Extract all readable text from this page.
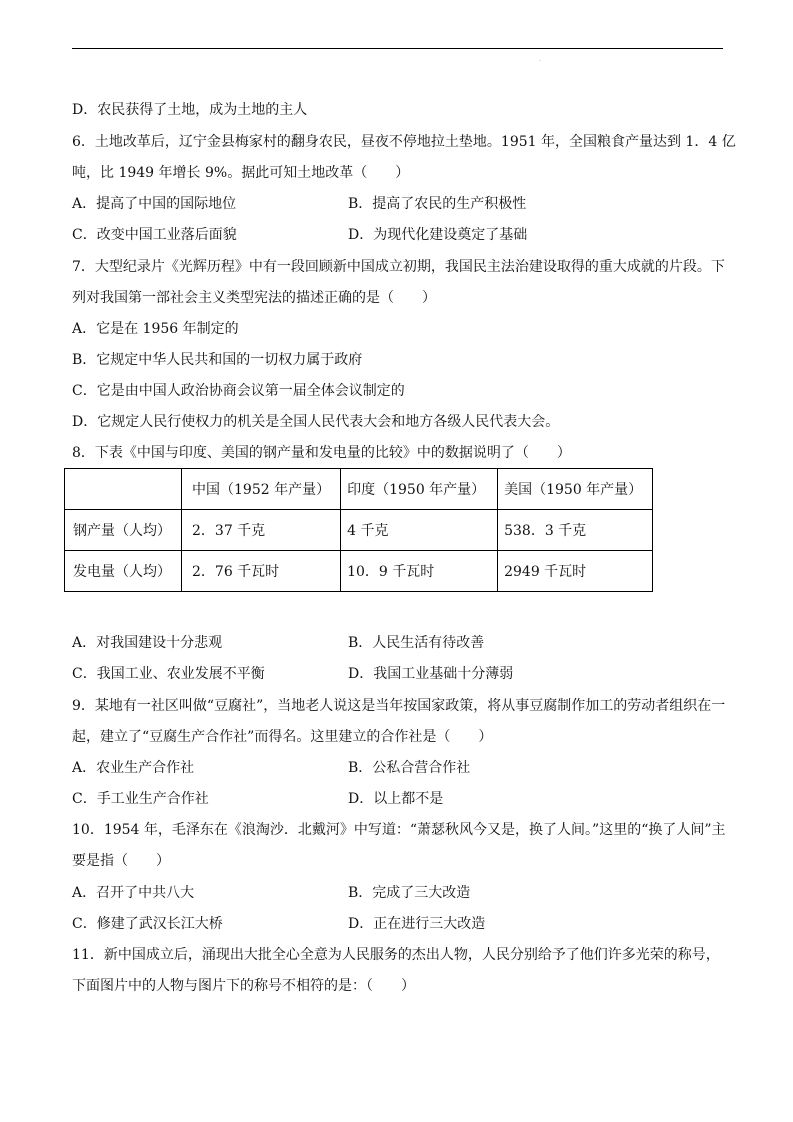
.
D．农民获得了土地，成为土地的主人
6．土地改革后，辽宁金县梅家村的翻身农民，昼夜不停地拉土垫地。1951 年，全国粮食产量达到 1．4 亿
吨，比 1949 年增长 9%。据此可知土地改革（　　）
A．提高了中国的国际地位	B．提高了农民的生产积极性
C．改变中国工业落后面貌	D．为现代化建设奠定了基础
7．大型纪录片《光辉历程》中有一段回顾新中国成立初期，我国民主法治建设取得的重大成就的片段。下
列对我国第一部社会主义类型宪法的描述正确的是（　　）
A．它是在 1956 年制定的
B．它规定中华人民共和国的一切权力属于政府
C．它是由中国人政治协商会议第一届全体会议制定的
D．它规定人民行使权力的机关是全国人民代表大会和地方各级人民代表大会。
8．下表《中国与印度、美国的钢产量和发电量的比较》中的数据说明了（　　）
	中国（1952 年产量）	印度（1950 年产量）	美国（1950 年产量）
钢产量（人均）	2．37 千克	4 千克	538．3 千克
发电量（人均）	2．76 千瓦时	10．9 千瓦时	2949 千瓦时
A．对我国建设十分悲观	B．人民生活有待改善
C．我国工业、农业发展不平衡	D．我国工业基础十分薄弱
9．某地有一社区叫做“豆腐社”，当地老人说这是当年按国家政策，将从事豆腐制作加工的劳动者组织在一
起，建立了“豆腐生产合作社”而得名。这里建立的合作社是（　　）
A．农业生产合作社	B．公私合营合作社
C．手工业生产合作社	D．以上都不是
10．1954 年，毛泽东在《浪淘沙．北戴河》中写道：“萧瑟秋风今又是，换了人间。”这里的“换了人间”主
要是指（　　）
A．召开了中共八大	B．完成了三大改造
C．修建了武汉长江大桥	D．正在进行三大改造
11．新中国成立后，涌现出大批全心全意为人民服务的杰出人物，人民分别给予了他们许多光荣的称号，
下面图片中的人物与图片下的称号不相符的是：（　　）
